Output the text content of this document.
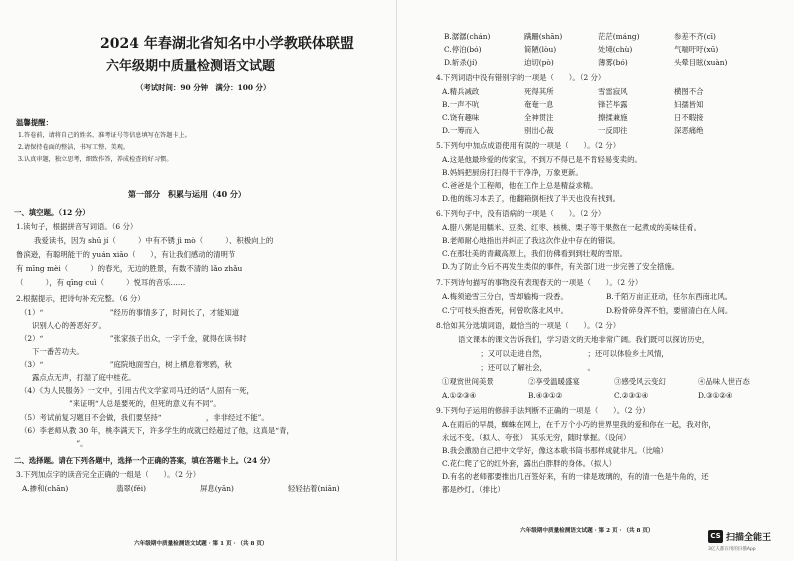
2024 年春湖北省知名中小学教联体联盟
六年级期中质量检测语文试题
（考试时间：90 分钟　满分：100 分）
温馨提醒：
1.答卷前，请将自己的姓名、准考证号等信息填写在答题卡上。
2.请保持卷面的整洁，书写工整、美观。
3.认真审题，独立思考，细致作答，养成检查的好习惯。
第一部分　积累与运用（40 分）
一、填空题。（12 分）
1.读句子，根据拼音写词语。（6 分）
我爱读书，因为 shū jí（　　　）中有不锈 jì mò（　　　）、积极向上的
鲁滨逊，有聪明能干的 yuán xiāo（　　），有让我们感动的清明节
有 mīng mèi（　　　）的春光，无边的胜景，有数不清的 lǎo zhǎu
（　　　），有 qīng cuì（　　　）悦耳的音乐……
2.根据提示，把诗句补充完整。（6 分）
（1）“　　　　　　　　　”经历的事情多了，时间长了，才能知道
识别人心的善恶好歹。
（2）“　　　　　　　　　”张家孩子出众，一字千金，就得在读书时
下一番苦功夫。
（3）“　　　　　　　　　”庭院地面雪白，树上栖息着寒鸦，秋
露点点无声，打湿了庭中桂花。
（4）《为人民服务》一文中，引用古代文学家司马迁的话“人固有一死，
　　　　　”来证明“人总是要死的，但死的意义有不同”。
（5）考试前复习题目不会做，我们要坚持“　　　　　　，非非经过不能”。
（6）李老师从教 30 年，桃李满天下，许多学生的成就已经超过了他，这真是“青，
　　　　　　”。
二、选择题。请在下列各题中，选择一个正确的答案，填在答题卡上。（24 分）
3.下列加点字的读音完全正确的一组是（　　）。（2 分）
A.掺和(chān)	翡翠(fěi)	屏息(yān)	轻轻拈着(niān)
六年级期中质量检测语文试题 · 第 1 页 · （共 8 页）
B.潺潺(chán)	蹒跚(shān)	茫茫(máng)	参差不齐(cī)
C.停泊(bó)	简陋(lòu)	处境(chù)	气喘吁吁(xū)
D.斩杀(jí)	迫切(pò)	薄雾(bó)	头晕目眩(xuàn)
4.下列词语中没有错别字的一项是（　　）。（2 分）
A.精兵减政	死得其所	雪雷寂风	横图不合
B.一声不吭	奄奄一息	锋芒毕露	妇孺皆知
C.饶有趣味	全神贯注	擦揉兼施	日不暇接
D.一筹而入	别出心裁	一反即往	深恶痛绝
5.下列句中加点成语使用有误的一项是（　　）。（2 分）
A.这是他最珍爱的传家宝，不到万不得已是不肯轻易变卖的。
B.妈妈把厨房打扫得干干净净，万象更新。
C.爸爸是个工程师，他在工作上总是精益求精。
D.他的练习本丢了，他翻箱倒柜找了半天也没有找到。
6.下列句子中，没有语病的一项是（　　）。（2 分）
A.腊八粥是用糯米、豆类、红枣、核桃、栗子等干果熬在一起煮成的美味佳肴。
B.老师耐心地指出并纠正了我这次作业中存在的错误。
C.在那壮美的青藏高原上，我们仿佛看到到壮观的雪原。
D.为了防止今后不再发生类似的事件，有关部门进一步完善了安全措施。
7.下列诗句描写的事物没有表现春天的一项是（　　）。（2 分）
A.梅须逊雪三分白，雪却输梅一段香。	B.千陌万亩正亚动，任尔东西南北风。
C.宁可枝头抱香死，何曾吹落北风中。	D.粉骨碎身浑不怕，要留清白在人间。
8.恰如其分选填词语，最恰当的一项是（　　）。（2 分）
语文课本的课文告诉我们，学习语文的天地非常广阔。我们既可以探访历史，
　　　　　　；又可以走进自然，　　　　　　；还可以体验乡土风情，
　　　　　　；还可以了解社会，　　　　　　。
①观赏世间美景	②享受温暖盛宴	③感受风云变幻	④品味人世百态
A.①②③④	B.④③①②	C.②③①④	D.③①②④
9.下列句子运用的修辞手法判断不正确的一项是（　　）。（2 分）
A.在雨后的早晨，蜘蛛在网上，在千万个小巧的世界里我的爱和你在一起，我对你，
永远不变。（拟人、夸张）　其乐无穷，随时掌握。（设问）
B.我会激励自己把中文学好，像这本歌书筒书那样成就非凡。（比喻）
C.花仁爬了它的红外套，露出白胖胖的身体。（拟人）
D.有名的老师都要推出几百签好来，有的一律是玻璃的，有的清一色是牛角的，还
都是纱灯。（排比）
六年级期中质量检测语文试题 · 第 2 页 · （共 8 页）
CS 扫描全能王
3亿人都在用的扫描App
